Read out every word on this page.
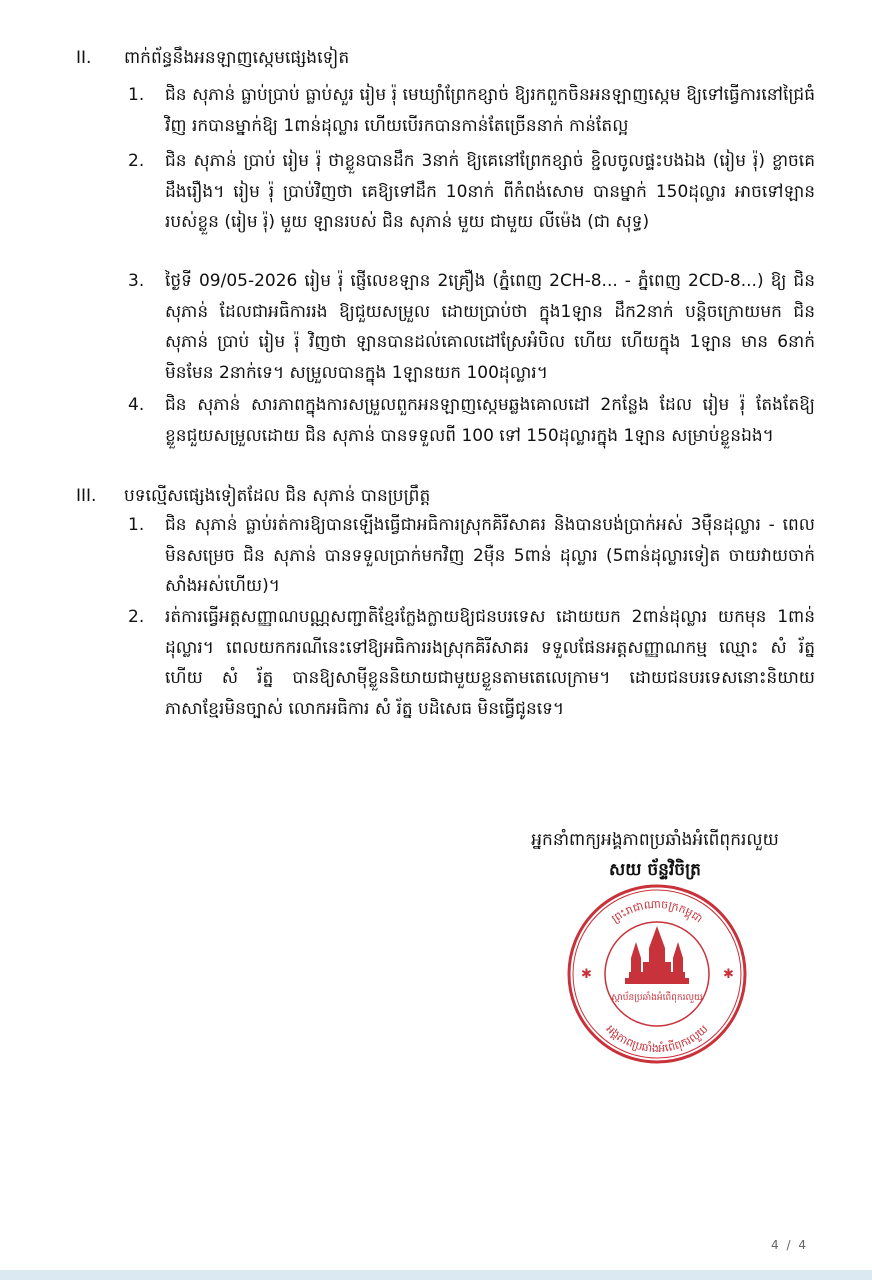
II. ពាក់ព័ន្ធនឹងអនឡាញស្កេមផ្សេងទៀត
1. ជិន សុភាន់ ធ្លាប់ប្រាប់ ធ្លាប់សួរ រៀម រ៉ុ មេឃ្យាំព្រែកខ្សាច់ ឱ្យរកពួកចិនអនឡាញស្កេម ឱ្យទៅធ្វើការនៅជ្រៃធំវិញ រកបានម្នាក់ឱ្យ 1ពាន់ដុល្លារ ហើយបើរកបានកាន់តែច្រើននាក់ កាន់តែល្អ
2. ជិន សុភាន់ ប្រាប់ រៀម រ៉ុ ថាខ្លួនបានដឹក 3នាក់ ឱ្យគេនៅព្រែកខ្សាច់ ខ្ជិលចូលផ្ទះបងឯង (រៀម រ៉ុ) ខ្លាចគេដឹងរឿង។ រៀម រ៉ុ ប្រាប់វិញថា គេឱ្យទៅដឹក 10នាក់ ពីកំពង់សោម បានម្នាក់ 150ដុល្លារ អាចទៅឡានរបស់ខ្លួន (រៀម រ៉ុ) មួយ ឡានរបស់ ជិន សុភាន់ មួយ ជាមួយ លីម៉េង (ជា សុទ្ធ)
3. ថ្ងៃទី 09/05-2026 រៀម រ៉ុ ផ្ញើលេខឡាន 2គ្រឿង (ភ្នំពេញ 2CH-8... - ភ្នំពេញ 2CD-8...) ឱ្យ ជិន សុភាន់ ដែលជាអធិការរង ឱ្យជួយសម្រួល ដោយប្រាប់ថា ក្នុង1ឡាន ដឹក2នាក់ បន្តិចក្រោយមក ជិន សុភាន់ ប្រាប់ រៀម រ៉ុ វិញថា ឡានបានដល់គោលដៅស្រែអំបិល ហើយ ហើយក្នុង 1ឡាន មាន 6នាក់ មិនមែន 2នាក់ទេ។ សម្រួលបានក្នុង 1ឡានយក 100ដុល្លារ។
4. ជិន សុភាន់ សារភាពក្នុងការសម្រួលពួកអនឡាញស្កេមឆ្លងគោលដៅ 2កន្លែង ដែល រៀម រ៉ុ តែងតែឱ្យខ្លួនជួយសម្រួលដោយ ជិន សុភាន់ បានទទួលពី 100 ទៅ 150ដុល្លារក្នុង 1ឡាន សម្រាប់ខ្លួនឯង។
III. បទល្មើសផ្សេងទៀតដែល ជិន សុភាន់ បានប្រព្រឹត្ត
1. ជិន សុភាន់ ធ្លាប់រត់ការឱ្យបានឡើងធ្វើជាអធិការស្រុកគិរីសាគរ និងបានបង់ប្រាក់អស់ 3ម៉ឺនដុល្លារ - ពេលមិនសម្រេច ជិន សុភាន់ បានទទួលប្រាក់មកវិញ 2ម៉ឺន 5ពាន់ ដុល្លារ (5ពាន់ដុល្លារទៀត ចាយវាយចាក់សាំងអស់ហើយ)។
2. រត់ការធ្វើអត្តសញ្ញាណបណ្ណសញ្ជាតិខ្មែរក្លែងក្លាយឱ្យជនបរទេស ដោយយក 2ពាន់ដុល្លារ យកមុន 1ពាន់ដុល្លារ។ ពេលយកករណីនេះទៅឱ្យអធិការរងស្រុកគិរីសាគរ ទទួលផែនអត្តសញ្ញាណកម្ម ឈ្មោះ សំ រ័ត្ន ហើយ សំ រ័ត្ន បានឱ្យសាម៉ីខ្លួននិយាយជាមួយខ្លួនតាមតេលេក្រាម។ ដោយជនបរទេសនោះនិយាយភាសាខ្មែរមិនច្បាស់ លោកអធិការ សំ រ័ត្ន បដិសេធ មិនធ្វើជូនទេ។
អ្នកនាំពាក្យអង្គភាពប្រឆាំងអំពើពុករលួយ
សយ ច័ន្ទវិចិត្រ
ព្រះរាជាណាចក្រកម្ពុជា
អង្គភាពប្រឆាំងអំពើពុករលួយ
✱	✱
ស្ថាប័នប្រឆាំងអំពើពុករលួយ
4 / 4
